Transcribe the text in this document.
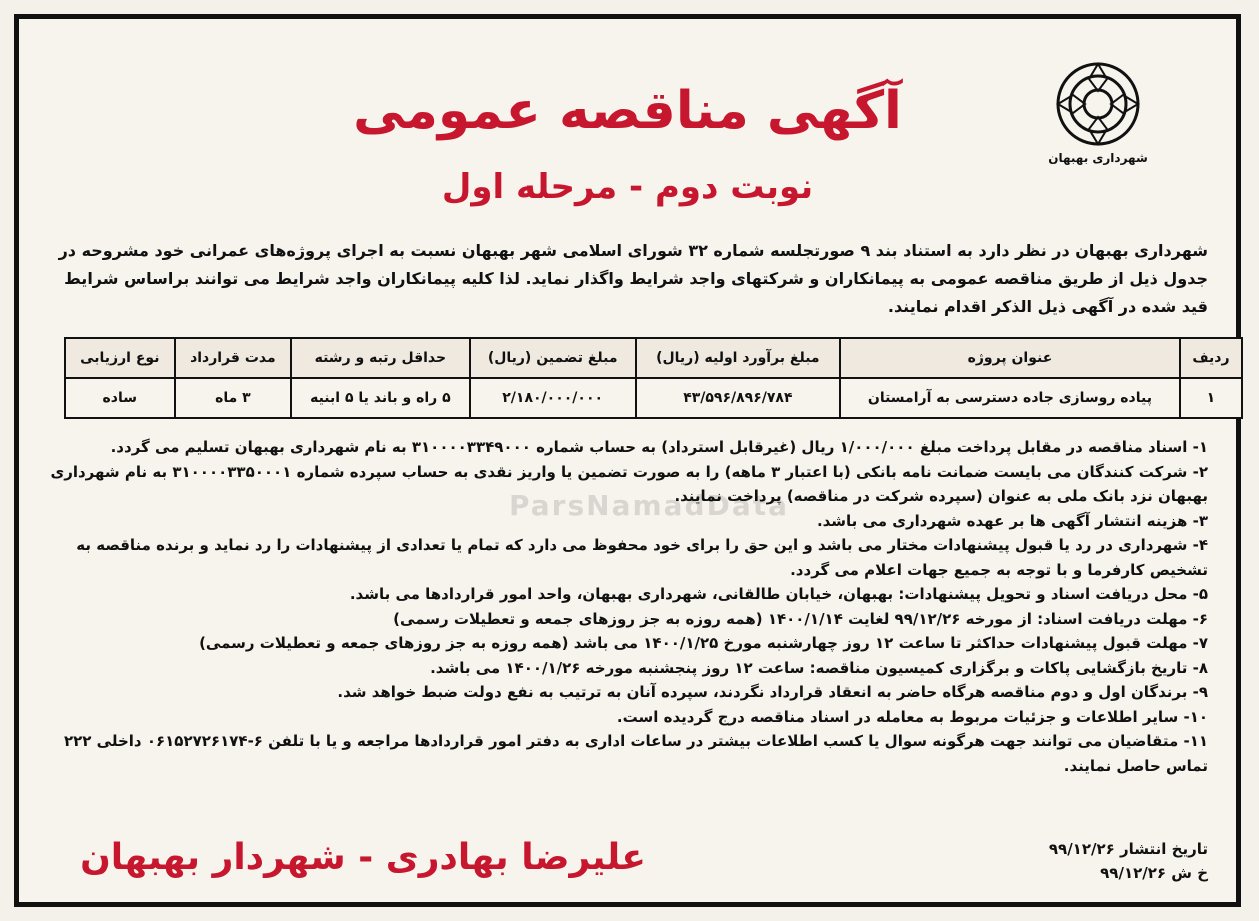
شهرداری بهبهان
آگهی مناقصه عمومی
نوبت دوم - مرحله اول
شهرداری بهبهان در نظر دارد به استناد بند ۹ صورتجلسه شماره ۳۲ شورای اسلامی شهر بهبهان نسبت به اجرای پروژه‌های عمرانی خود مشروحه در جدول ذیل از طریق مناقصه عمومی به پیمانکاران و شرکتهای واجد شرایط واگذار نماید. لذا کلیه پیمانکاران واجد شرایط می توانند براساس شرایط قید شده در آگهی ذیل الذکر اقدام نمایند.
ردیف	عنوان پروژه	مبلغ برآورد اولیه (ریال)	مبلغ تضمین (ریال)	حداقل رتبه و رشته	مدت قرارداد	نوع ارزیابی
۱	پیاده روسازی جاده دسترسی به آرامستان	۴۳/۵۹۶/۸۹۶/۷۸۴	۲/۱۸۰/۰۰۰/۰۰۰	۵ راه و باند یا ۵ ابنیه	۳ ماه	ساده
۱- اسناد مناقصه در مقابل پرداخت مبلغ ۱/۰۰۰/۰۰۰ ریال (غیرقابل استرداد) به حساب شماره ۳۱۰۰۰۰۳۳۴۹۰۰۰ به نام شهرداری بهبهان تسلیم می گردد.
۲- شرکت کنندگان می بایست ضمانت نامه بانکی (با اعتبار ۳ ماهه) را به صورت تضمین یا واریز نقدی به حساب سپرده شماره ۳۱۰۰۰۰۳۳۵۰۰۰۱ به نام شهرداری بهبهان نزد بانک ملی به عنوان (سپرده شرکت در مناقصه) پرداخت نمایند.
۳- هزینه انتشار آگهی ها بر عهده شهرداری می باشد.
۴- شهرداری در رد یا قبول پیشنهادات مختار می باشد و این حق را برای خود محفوظ می دارد که تمام یا تعدادی از پیشنهادات را رد نماید و برنده مناقصه به تشخیص کارفرما و با توجه به جمیع جهات اعلام می گردد.
۵- محل دریافت اسناد و تحویل پیشنهادات: بهبهان، خیابان طالقانی، شهرداری بهبهان، واحد امور قراردادها می باشد.
۶- مهلت دریافت اسناد: از مورخه ۹۹/۱۲/۲۶ لغایت ۱۴۰۰/۱/۱۴ (همه روزه به جز روزهای جمعه و تعطیلات رسمی)
۷- مهلت قبول پیشنهادات حداکثر تا ساعت ۱۲ روز چهارشنبه مورخ ۱۴۰۰/۱/۲۵ می باشد (همه روزه به جز روزهای جمعه و تعطیلات رسمی)
۸- تاریخ بازگشایی پاکات و برگزاری کمیسیون مناقصه: ساعت ۱۲ روز پنجشنبه مورخه ۱۴۰۰/۱/۲۶ می باشد.
۹- برندگان اول و دوم مناقصه هرگاه حاضر به انعقاد قرارداد نگردند، سپرده آنان به ترتیب به نفع دولت ضبط خواهد شد.
۱۰- سایر اطلاعات و جزئیات مربوط به معامله در اسناد مناقصه درج گردیده است.
۱۱- متقاضیان می توانند جهت هرگونه سوال یا کسب اطلاعات بیشتر در ساعات اداری به دفتر امور قراردادها مراجعه و یا با تلفن ۶-۰۶۱۵۲۷۲۶۱۷۴ داخلی ۲۲۲ تماس حاصل نمایند.
ParsNamadData
تاریخ انتشار ۹۹/۱۲/۲۶
خ ش ۹۹/۱۲/۲۶
علیرضا بهادری - شهردار بهبهان
